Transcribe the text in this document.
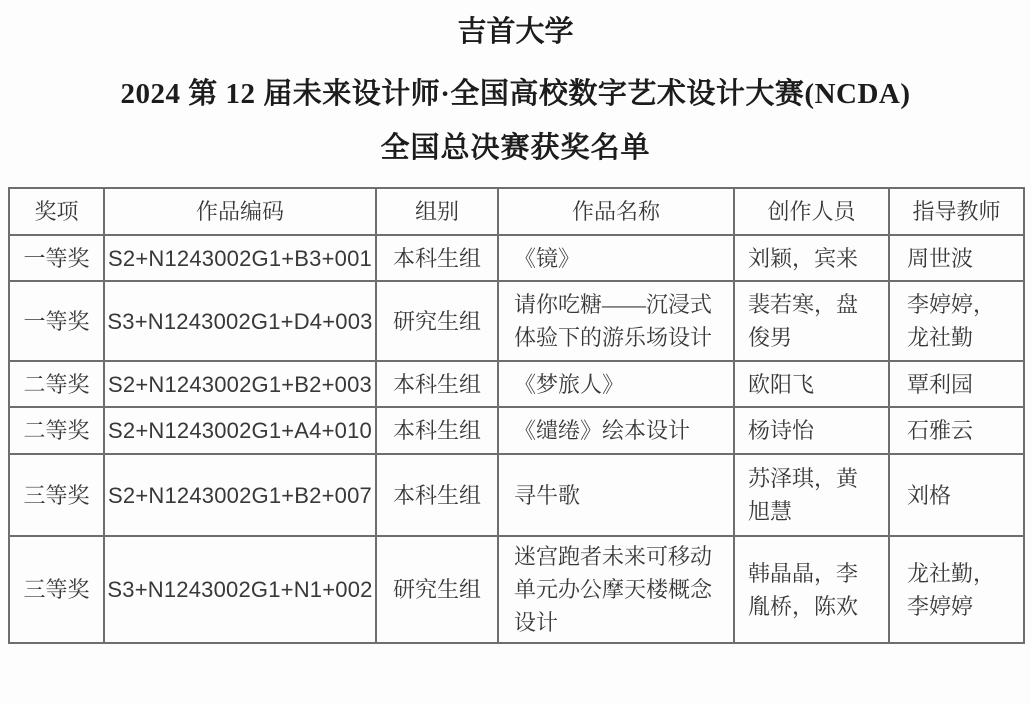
吉首大学
2024 第 12 届未来设计师·全国高校数字艺术设计大赛(NCDA)
全国总决赛获奖名单
奖项	作品编码	组别	作品名称	创作人员	指导教师
一等奖	S2+N1243002G1+B3+001	本科生组	《镜》	刘颖，宾来	周世波
一等奖	S3+N1243002G1+D4+003	研究生组	请你吃糖——沉浸式体验下的游乐场设计	裴若寒，盘俊男	李婷婷，龙社勤
二等奖	S2+N1243002G1+B2+003	本科生组	《梦旅人》	欧阳飞	覃利园
二等奖	S2+N1243002G1+A4+010	本科生组	《缱绻》绘本设计	杨诗怡	石雅云
三等奖	S2+N1243002G1+B2+007	本科生组	寻牛歌	苏泽琪，黄旭慧	刘格
三等奖	S3+N1243002G1+N1+002	研究生组	迷宫跑者未来可移动单元办公摩天楼概念设计	韩晶晶，李胤桥，陈欢	龙社勤，李婷婷
